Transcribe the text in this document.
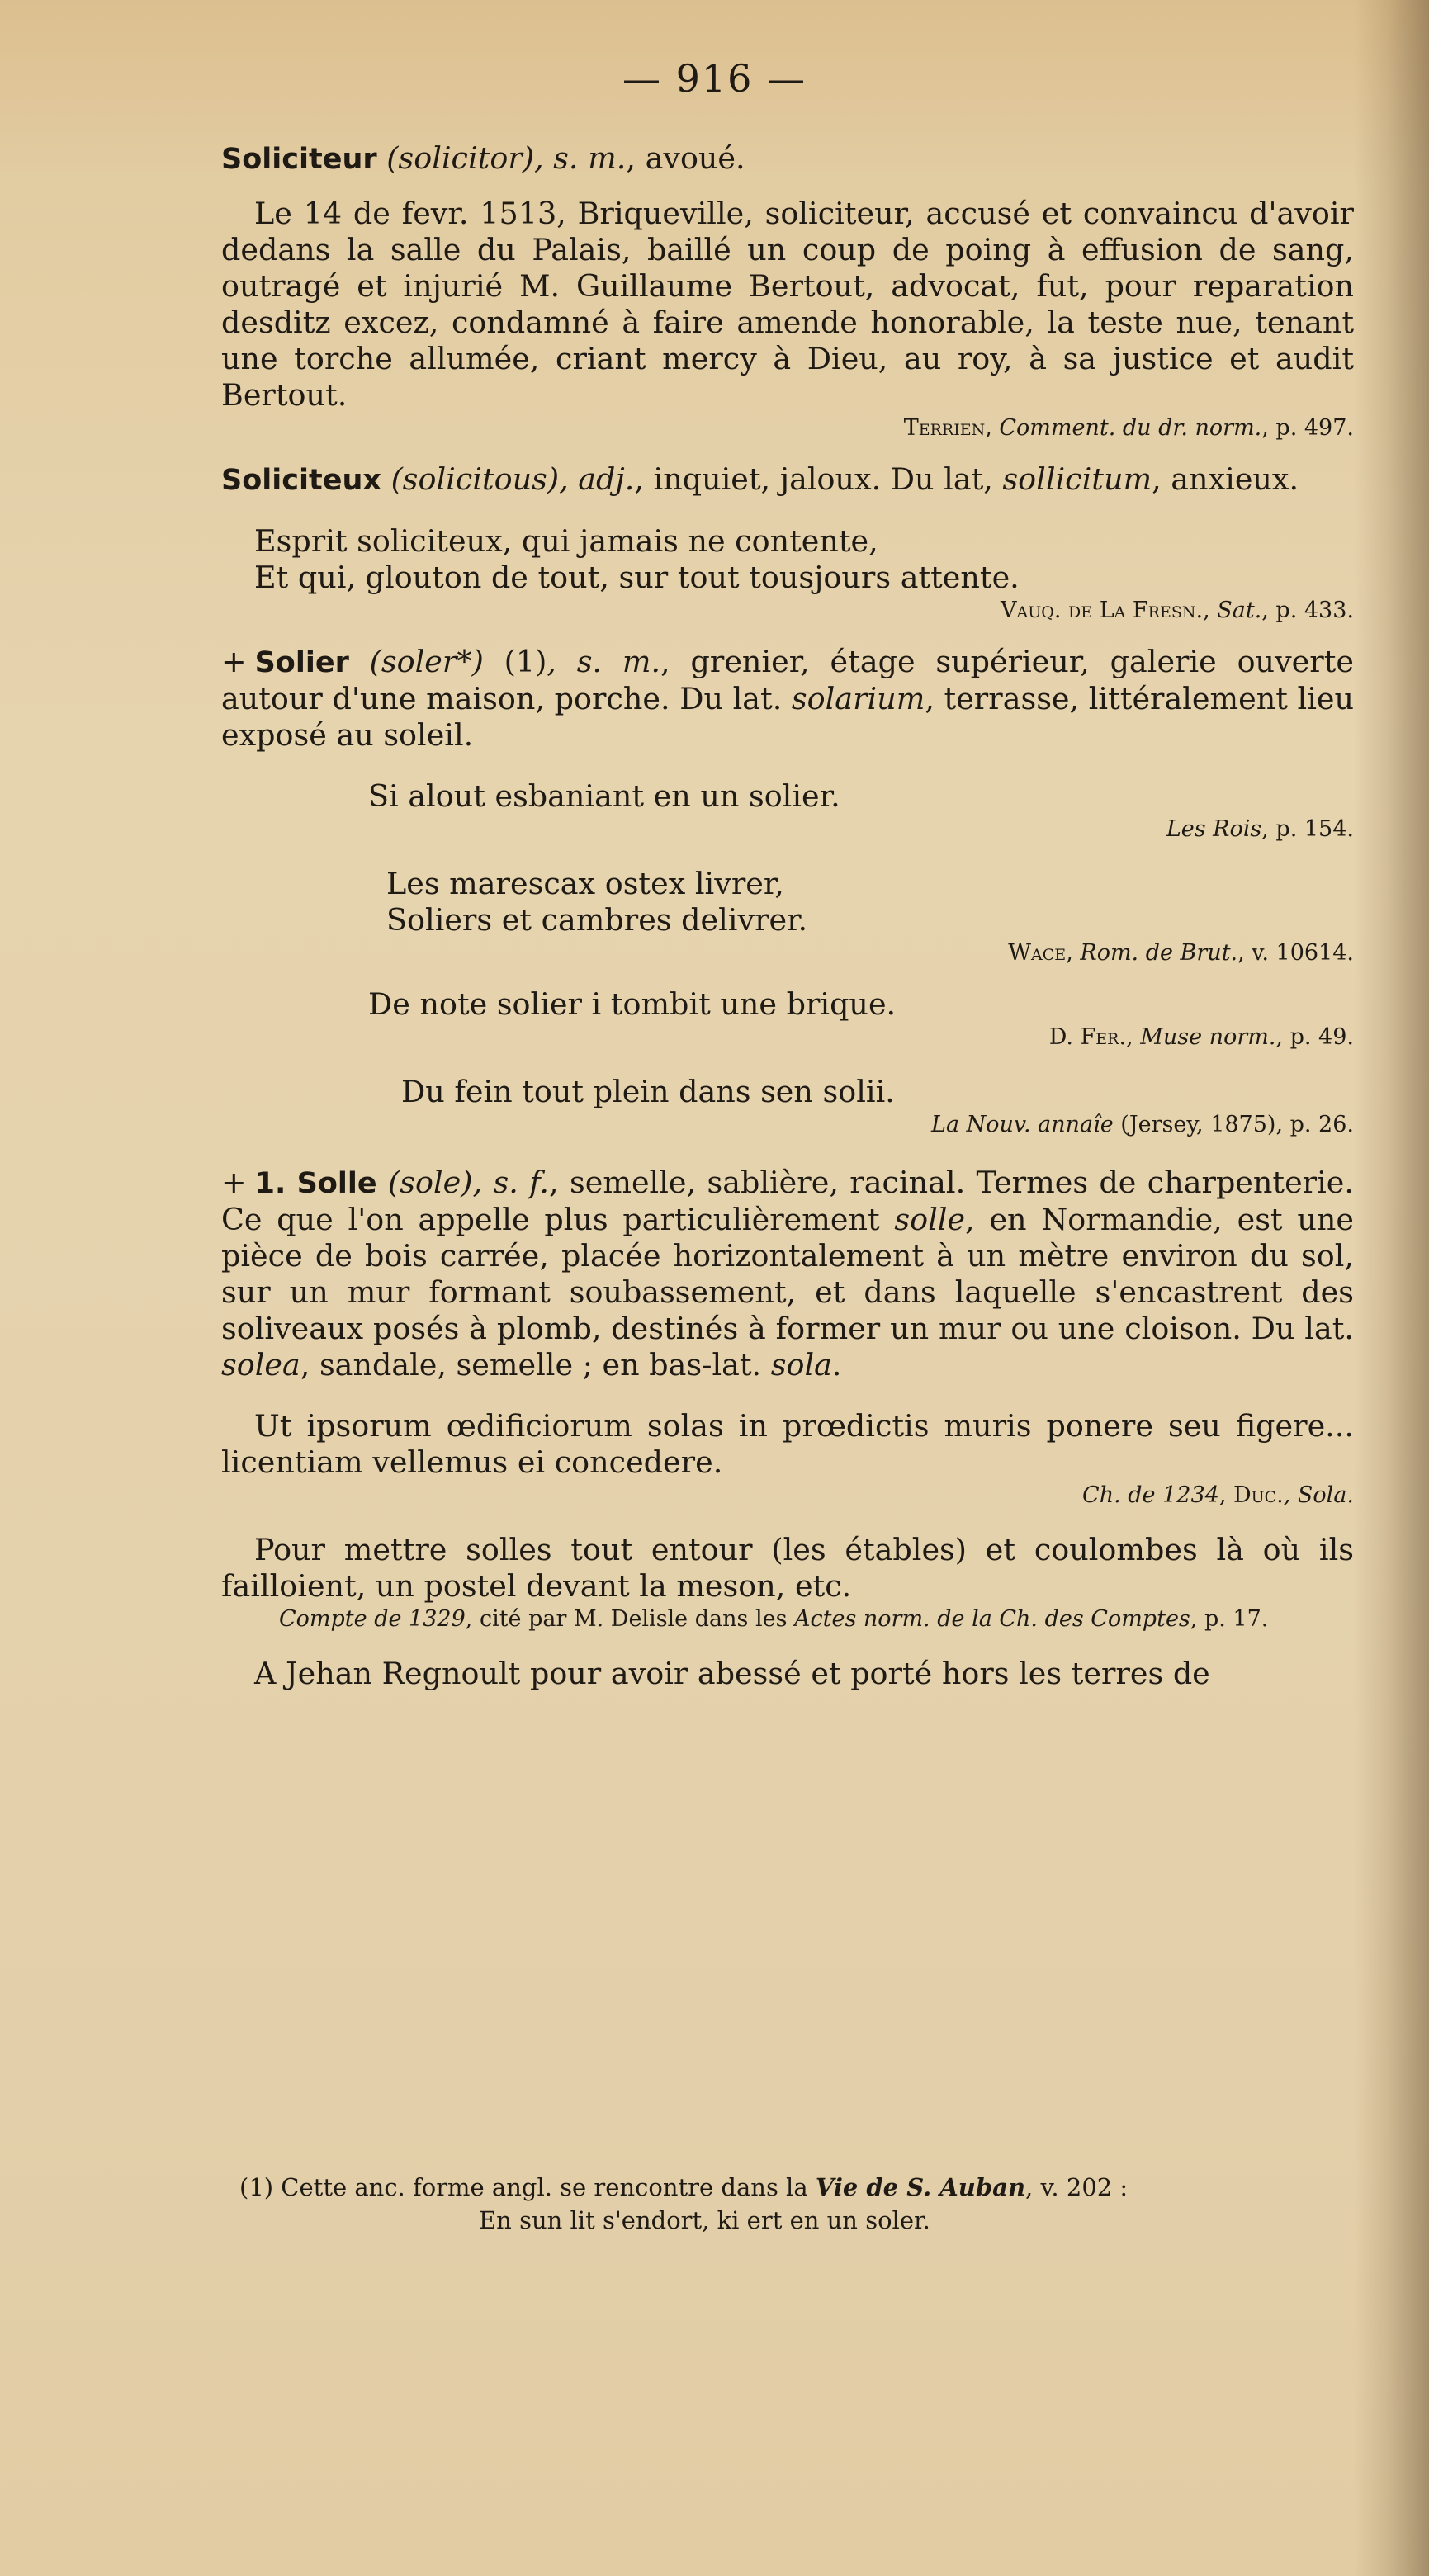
— 916 —

Soliciteur (solicitor), s. m., avoué.

Le 14 de fevr. 1513, Briqueville, soliciteur, accusé et convaincu d'avoir dedans la salle du Palais, baillé un coup de poing à effusion de sang, outragé et injurié M. Guillaume Bertout, advocat, fut, pour reparation desditz excez, condamné à faire amende honorable, la teste nue, tenant une torche allumée, criant mercy à Dieu, au roy, à sa justice et audit Bertout.

Terrien, Comment. du dr. norm., p. 497.

Soliciteux (solicitous), adj., inquiet, jaloux. Du lat, sollicitum, anxieux.

Esprit soliciteux, qui jamais ne contente,
Et qui, glouton de tout, sur tout tousjours attente.
Vauq. de La Fresn., Sat., p. 433.

+ Solier (soler*) (1), s. m., grenier, étage supérieur, galerie ouverte autour d'une maison, porche. Du lat. solarium, terrasse, littéralement lieu exposé au soleil.

Si alout esbaniant en un solier.
Les Rois, p. 154.
Les marescax ostex livrer,
Soliers et cambres delivrer.
Wace, Rom. de Brut., v. 10614.
De note solier i tombit une brique.
D. Fer., Muse norm., p. 49.
Du fein tout plein dans sen solii.
La Nouv. annaîe (Jersey, 1875), p. 26.

+ 1. Solle (sole), s. f., semelle, sablière, racinal. Termes de charpenterie. Ce que l'on appelle plus particulièrement solle, en Normandie, est une pièce de bois carrée, placée horizontalement à un mètre environ du sol, sur un mur formant soubassement, et dans laquelle s'encastrent des soliveaux posés à plomb, destinés à former un mur ou une cloison. Du lat. solea, sandale, semelle ; en bas-lat. sola.

Ut ipsorum œdificiorum solas in prœdictis muris ponere seu figere... licentiam vellemus ei concedere.

Ch. de 1234, Duc., Sola.

Pour mettre solles tout entour (les étables) et coulombes là où ils failloient, un postel devant la meson, etc.

Compte de 1329, cité par M. Delisle dans les Actes norm. de la Ch. des Comptes, p. 17.

A Jehan Regnoult pour avoir abessé et porté hors les terres de

(1) Cette anc. forme angl. se rencontre dans la Vie de S. Auban, v. 202 :
En sun lit s'endort, ki ert en un soler.
